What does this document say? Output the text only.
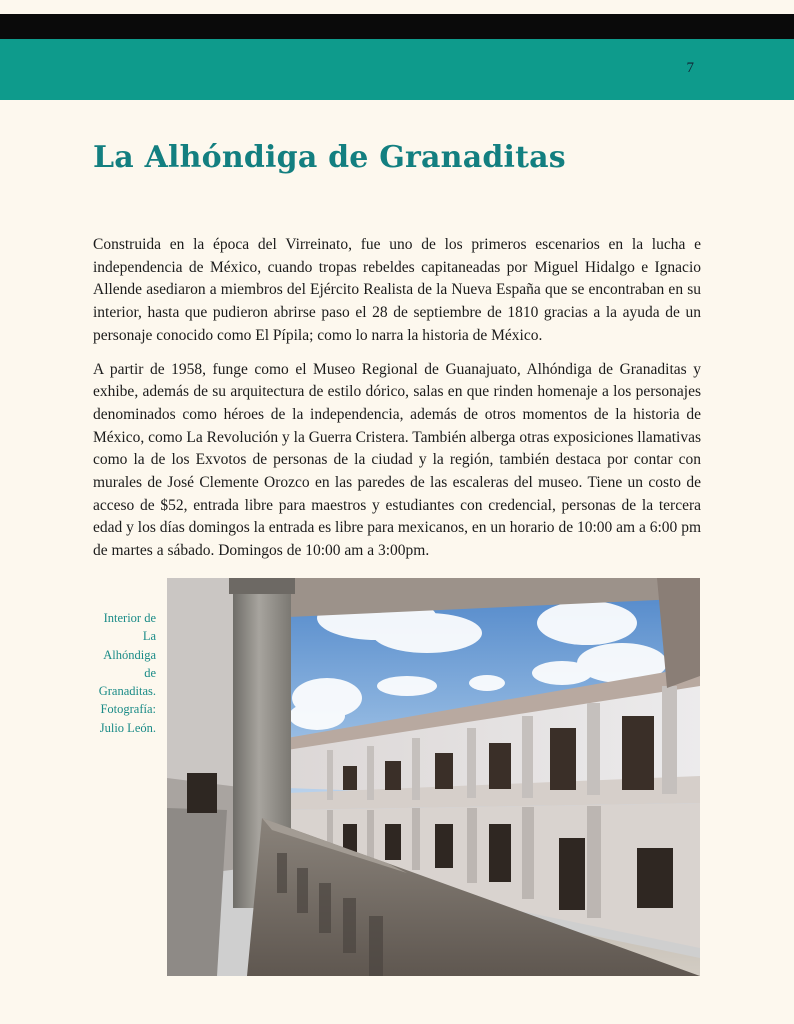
7
La Alhóndiga de Granaditas

Construida en la época del Virreinato, fue uno de los primeros escenarios en la lucha e independencia de México, cuando tropas rebeldes capitaneadas por Miguel Hidalgo e Ignacio Allende asediaron a miembros del Ejército Realista de la Nueva España que se encontraban en su interior, hasta que pudieron abrirse paso el 28 de septiembre de 1810 gracias a la ayuda de un personaje conocido como El Pípila; como lo narra la historia de México.

A partir de 1958, funge como el Museo Regional de Guanajuato, Alhóndiga de Granaditas y exhibe, además de su arquitectura de estilo dórico, salas en que rinden homenaje a los personajes denominados como héroes de la independencia, además de otros momentos de la historia de México, como La Revolución y la Guerra Cristera. También alberga otras exposiciones llamativas como la de los Exvotos de personas de la ciudad y la región, también destaca por contar con murales de José Clemente Orozco en las paredes de las escaleras del museo. Tiene un costo de acceso de $52, entrada libre para maestros y estudiantes con credencial, personas de la tercera edad y los días domingos la entrada es libre para mexicanos, en un horario de 10:00 am a 6:00 pm de martes a sábado. Domingos de 10:00 am a 3:00pm.

Interior de
La
Alhóndiga
de
Granaditas.
Fotografía:
Julio León.
